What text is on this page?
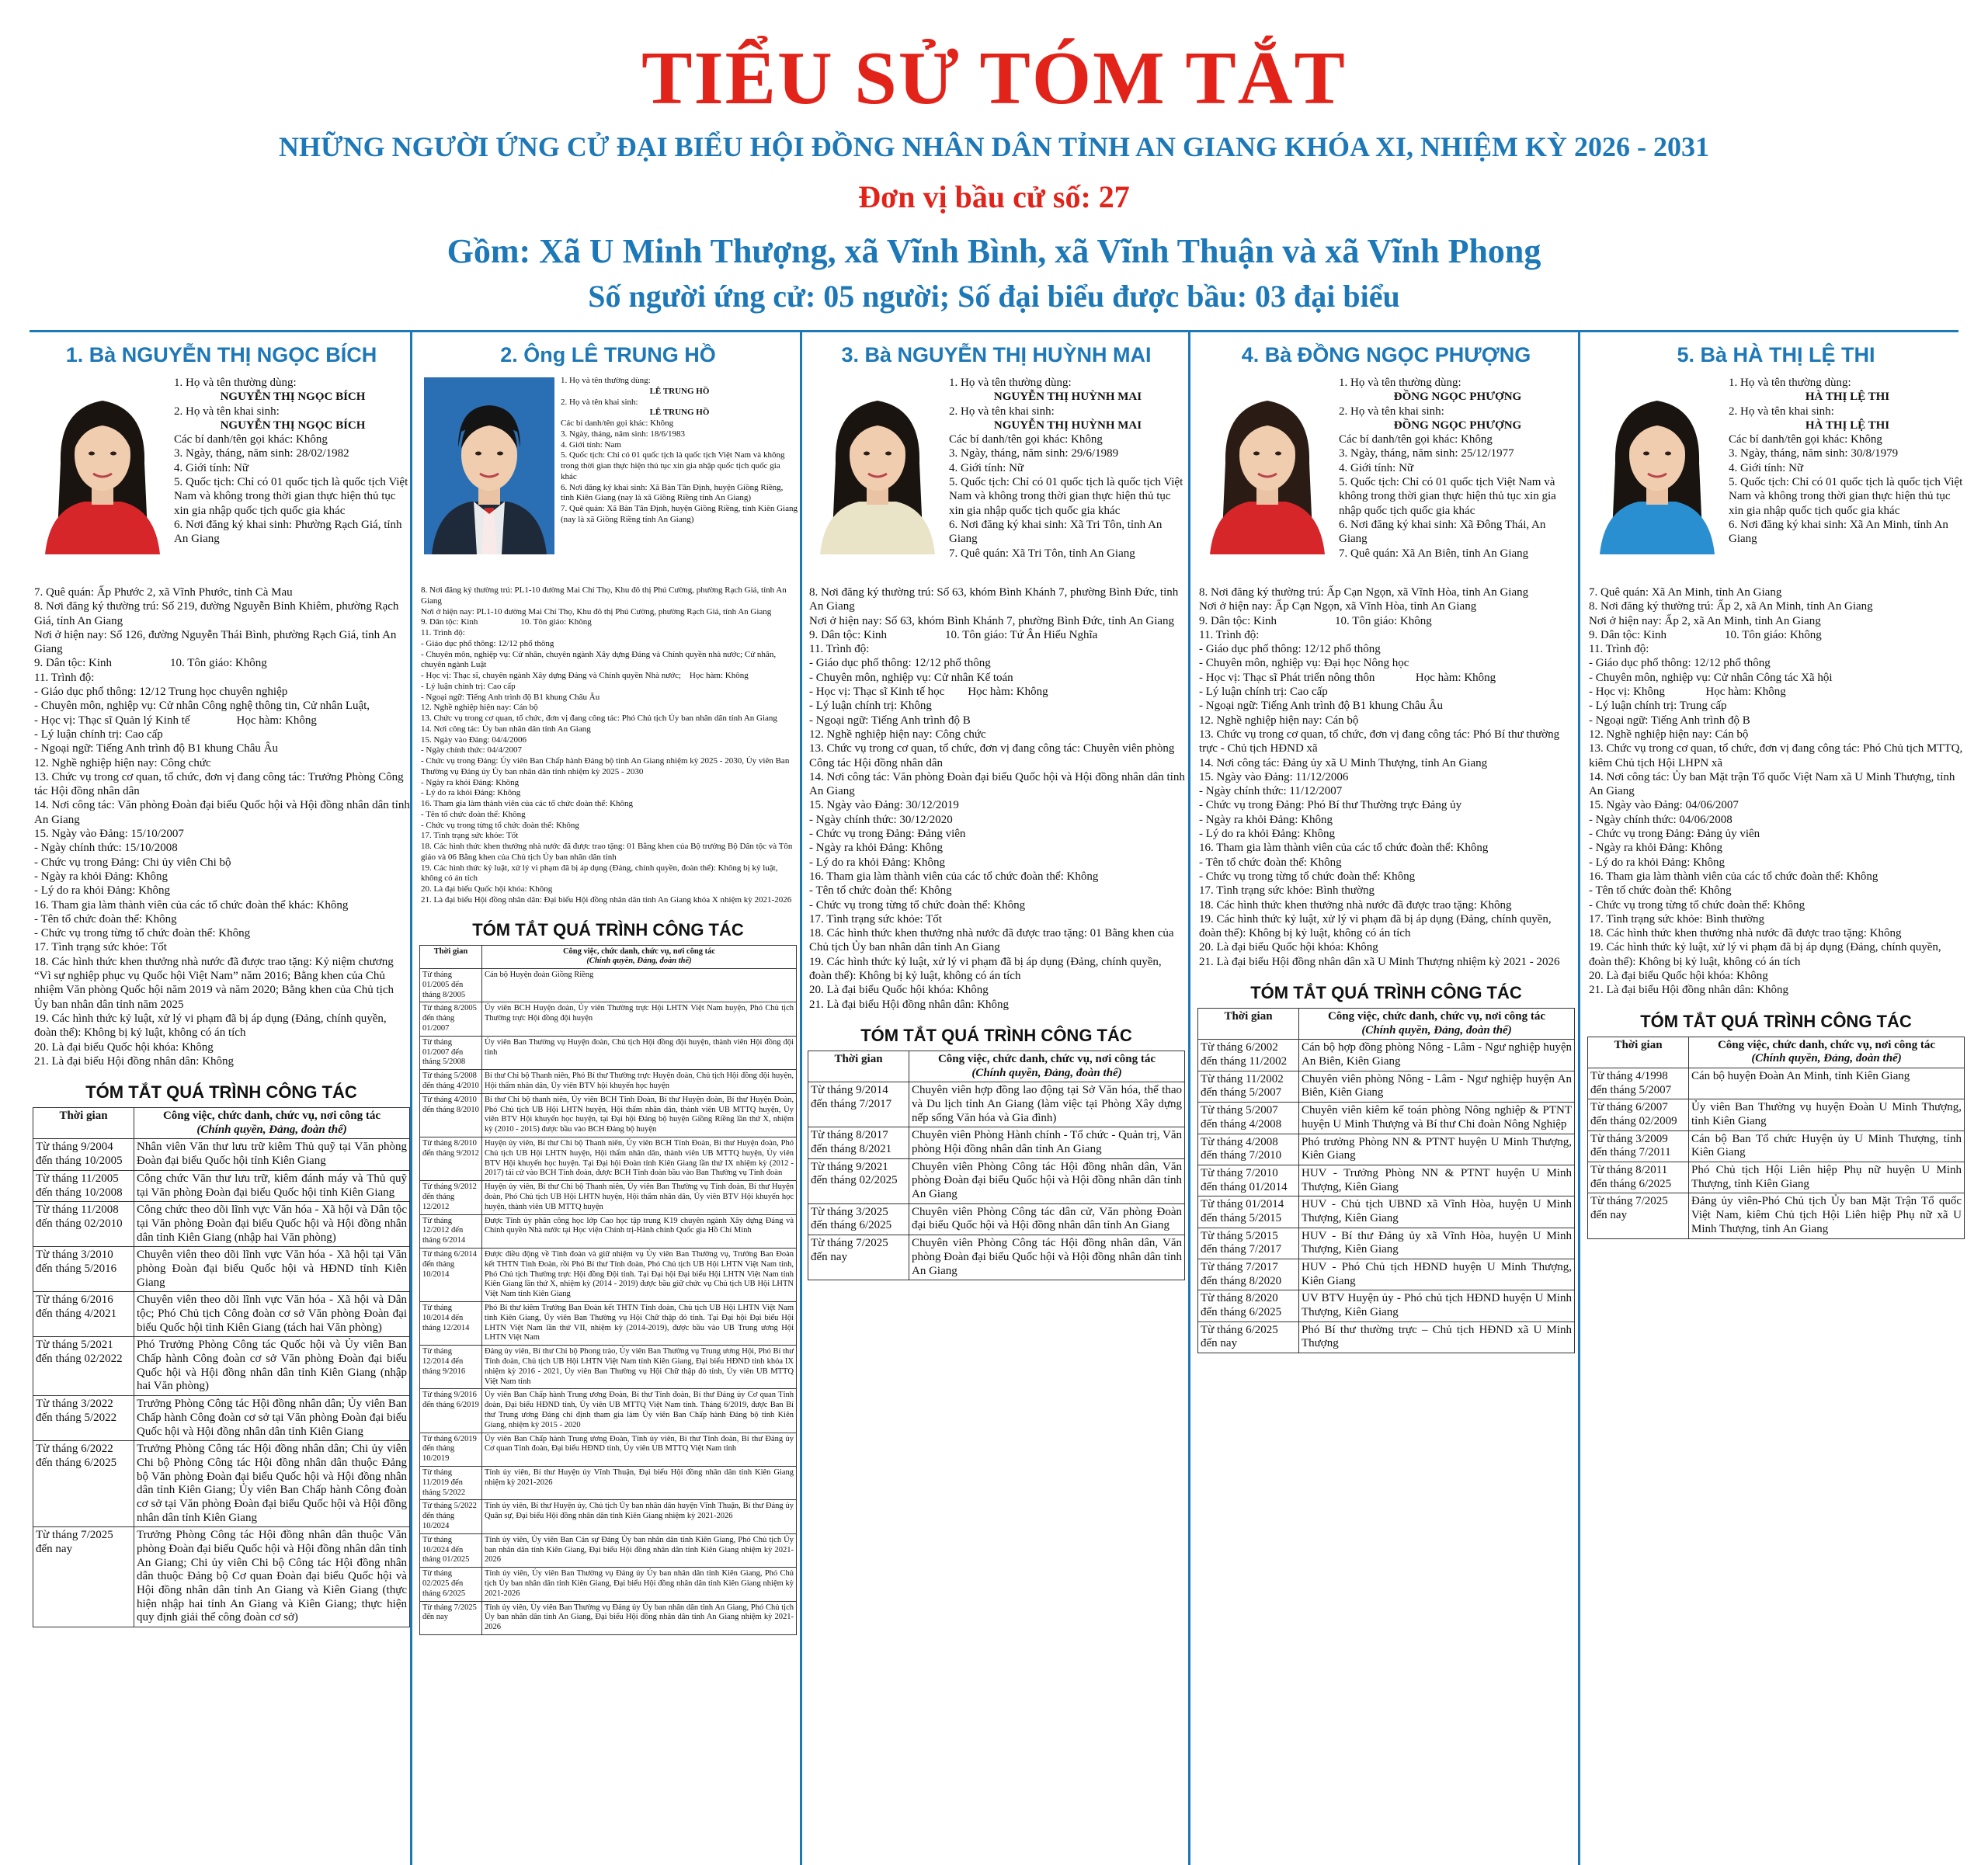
TIỂU SỬ TÓM TẮT
NHỮNG NGƯỜI ỨNG CỬ ĐẠI BIỂU HỘI ĐỒNG NHÂN DÂN TỈNH AN GIANG KHÓA XI, NHIỆM KỲ 2026 - 2031
Đơn vị bầu cử số: 27
Gồm: Xã U Minh Thượng, xã Vĩnh Bình, xã Vĩnh Thuận và xã Vĩnh Phong
Số người ứng cử: 05 người; Số đại biểu được bầu: 03 đại biểu
1. Bà NGUYỄN THỊ NGỌC BÍCH
1. Họ và tên thường dùng:
NGUYỄN THỊ NGỌC BÍCH
2. Họ và tên khai sinh:
NGUYỄN THỊ NGỌC BÍCH
Các bí danh/tên gọi khác: Không
3. Ngày, tháng, năm sinh: 28/02/1982
4. Giới tính: Nữ
5. Quốc tịch: Chỉ có 01 quốc tịch là quốc tịch Việt Nam và không trong thời gian thực hiện thủ tục xin gia nhập quốc tịch quốc gia khác
6. Nơi đăng ký khai sinh: Phường Rạch Giá, tỉnh An Giang
7. Quê quán: Ấp Phước 2, xã Vĩnh Phước, tỉnh Cà Mau
8. Nơi đăng ký thường trú: Số 219, đường Nguyễn Bỉnh Khiêm, phường Rạch Giá, tỉnh An Giang
Nơi ở hiện nay: Số 126, đường Nguyễn Thái Bình, phường Rạch Giá, tỉnh An Giang
9. Dân tộc: Kinh                    10. Tôn giáo: Không
11. Trình độ:
- Giáo dục phổ thông: 12/12 Trung học chuyên nghiệp
- Chuyên môn, nghiệp vụ: Cử nhân Công nghệ thông tin, Cử nhân Luật,
- Học vị: Thạc sĩ Quản lý Kinh tế                Học hàm: Không
- Lý luận chính trị: Cao cấp
- Ngoại ngữ: Tiếng Anh trình độ B1 khung Châu Âu
12. Nghề nghiệp hiện nay: Công chức
13. Chức vụ trong cơ quan, tổ chức, đơn vị đang công tác: Trưởng Phòng Công tác Hội đồng nhân dân
14. Nơi công tác: Văn phòng Đoàn đại biểu Quốc hội và Hội đồng nhân dân tỉnh An Giang
15. Ngày vào Đảng: 15/10/2007
- Ngày chính thức: 15/10/2008
- Chức vụ trong Đảng: Chi ủy viên Chi bộ
- Ngày ra khỏi Đảng: Không
- Lý do ra khỏi Đảng: Không
16. Tham gia làm thành viên của các tổ chức đoàn thể khác: Không
- Tên tổ chức đoàn thể: Không
- Chức vụ trong từng tổ chức đoàn thể: Không
17. Tình trạng sức khỏe: Tốt
18. Các hình thức khen thưởng nhà nước đã được trao tặng: Kỷ niệm chương “Vì sự nghiệp phục vụ Quốc hội Việt Nam” năm 2016; Bằng khen của Chủ nhiệm Văn phòng Quốc hội năm 2019 và năm 2020; Bằng khen của Chủ tịch Ủy ban nhân dân tỉnh năm 2025
19. Các hình thức kỷ luật, xử lý vi phạm đã bị áp dụng (Đảng, chính quyền, đoàn thể): Không bị kỷ luật, không có án tích
20. Là đại biểu Quốc hội khóa: Không
21. Là đại biểu Hội đồng nhân dân: Không
TÓM TẮT QUÁ TRÌNH CÔNG TÁC
Thời gian	Công việc, chức danh, chức vụ, nơi công tác
(Chính quyền, Đảng, đoàn thể)

Từ tháng 9/2004 đến tháng 10/2005	Nhân viên Văn thư lưu trữ kiêm Thủ quỹ tại Văn phòng Đoàn đại biểu Quốc hội tỉnh Kiên Giang
Từ tháng 11/2005 đến tháng 10/2008	Công chức Văn thư lưu trữ, kiêm đánh máy và Thủ quỹ tại Văn phòng Đoàn đại biểu Quốc hội tỉnh Kiên Giang
Từ tháng 11/2008 đến tháng 02/2010	Công chức theo dõi lĩnh vực Văn hóa - Xã hội và Dân tộc tại Văn phòng Đoàn đại biểu Quốc hội và Hội đồng nhân dân tỉnh Kiên Giang (nhập hai Văn phòng)
Từ tháng 3/2010 đến tháng 5/2016	Chuyên viên theo dõi lĩnh vực Văn hóa - Xã hội tại Văn phòng Đoàn đại biểu Quốc hội và HĐND tỉnh Kiên Giang
Từ tháng 6/2016 đến tháng 4/2021	Chuyên viên theo dõi lĩnh vực Văn hóa - Xã hội và Dân tộc; Phó Chủ tịch Công đoàn cơ sở Văn phòng Đoàn đại biểu Quốc hội tỉnh Kiên Giang (tách hai Văn phòng)
Từ tháng 5/2021 đến tháng 02/2022	Phó Trưởng Phòng Công tác Quốc hội và Ủy viên Ban Chấp hành Công đoàn cơ sở Văn phòng Đoàn đại biểu Quốc hội và Hội đồng nhân dân tỉnh Kiên Giang (nhập hai Văn phòng)
Từ tháng 3/2022 đến tháng 5/2022	Trưởng Phòng Công tác Hội đồng nhân dân; Ủy viên Ban Chấp hành Công đoàn cơ sở tại Văn phòng Đoàn đại biểu Quốc hội và Hội đồng nhân dân tỉnh Kiên Giang
Từ tháng 6/2022 đến tháng 6/2025	Trưởng Phòng Công tác Hội đồng nhân dân; Chi ủy viên Chi bộ Phòng Công tác Hội đồng nhân dân thuộc Đảng bộ Văn phòng Đoàn đại biểu Quốc hội và Hội đồng nhân dân tỉnh Kiên Giang; Ủy viên Ban Chấp hành Công đoàn cơ sở tại Văn phòng Đoàn đại biểu Quốc hội và Hội đồng nhân dân tỉnh Kiên Giang
Từ tháng 7/2025 đến nay	Trưởng Phòng Công tác Hội đồng nhân dân thuộc Văn phòng Đoàn đại biểu Quốc hội và Hội đồng nhân dân tỉnh An Giang; Chi ủy viên Chi bộ Công tác Hội đồng nhân dân thuộc Đảng bộ Cơ quan Đoàn đại biểu Quốc hội và Hội đồng nhân dân tỉnh An Giang và Kiên Giang (thực hiện nhập hai tỉnh An Giang và Kiên Giang; thực hiện quy định giải thể công đoàn cơ sở)
2. Ông LÊ TRUNG HỒ
1. Họ và tên thường dùng:
LÊ TRUNG HỒ
2. Họ và tên khai sinh:
LÊ TRUNG HỒ
Các bí danh/tên gọi khác: Không
3. Ngày, tháng, năm sinh: 18/6/1983
4. Giới tính: Nam
5. Quốc tịch: Chỉ có 01 quốc tịch là quốc tịch Việt Nam và không trong thời gian thực hiện thủ tục xin gia nhập quốc tịch quốc gia khác
6. Nơi đăng ký khai sinh: Xã Bàn Tân Định, huyện Giồng Riềng, tỉnh Kiên Giang (nay là xã Giồng Riềng tỉnh An Giang)
7. Quê quán: Xã Bàn Tân Định, huyện Giồng Riềng, tỉnh Kiên Giang (nay là xã Giồng Riềng tỉnh An Giang)
8. Nơi đăng ký thường trú: PL1-10 đường Mai Chí Thọ, Khu đô thị Phú Cường, phường Rạch Giá, tỉnh An Giang
Nơi ở hiện nay: PL1-10 đường Mai Chí Thọ, Khu đô thị Phú Cường, phường Rạch Giá, tỉnh An Giang
9. Dân tộc: Kinh                    10. Tôn giáo: Không
11. Trình độ:
- Giáo dục phổ thông: 12/12 phổ thông
- Chuyên môn, nghiệp vụ: Cử nhân, chuyên ngành Xây dựng Đảng và Chính quyền nhà nước; Cử nhân, chuyên ngành Luật
- Học vị: Thạc sĩ, chuyên ngành Xây dựng Đảng và Chính quyền Nhà nước;    Học hàm: Không
- Lý luận chính trị: Cao cấp
- Ngoại ngữ: Tiếng Anh trình độ B1 khung Châu Âu
12. Nghề nghiệp hiện nay: Cán bộ
13. Chức vụ trong cơ quan, tổ chức, đơn vị đang công tác: Phó Chủ tịch Ủy ban nhân dân tỉnh An Giang
14. Nơi công tác: Ủy ban nhân dân tỉnh An Giang
15. Ngày vào Đảng: 04/4/2006
- Ngày chính thức: 04/4/2007
- Chức vụ trong Đảng: Ủy viên Ban Chấp hành Đảng bộ tỉnh An Giang nhiệm kỳ 2025 - 2030, Ủy viên Ban Thường vụ Đảng ủy Ủy ban nhân dân tỉnh nhiệm kỳ 2025 - 2030
- Ngày ra khỏi Đảng: Không
- Lý do ra khỏi Đảng: Không
16. Tham gia làm thành viên của các tổ chức đoàn thể: Không
- Tên tổ chức đoàn thể: Không
- Chức vụ trong từng tổ chức đoàn thể: Không
17. Tình trạng sức khỏe: Tốt
18. Các hình thức khen thưởng nhà nước đã được trao tặng: 01 Bằng khen của Bộ trưởng Bộ Dân tộc và Tôn giáo và 06 Bằng khen của Chủ tịch Ủy ban nhân dân tỉnh
19. Các hình thức kỷ luật, xử lý vi phạm đã bị áp dụng (Đảng, chính quyền, đoàn thể): Không bị kỷ luật, không có án tích
20. Là đại biểu Quốc hội khóa: Không
21. Là đại biểu Hội đồng nhân dân: Đại biểu Hội đồng nhân dân tỉnh An Giang khóa X nhiệm kỳ 2021-2026
TÓM TẮT QUÁ TRÌNH CÔNG TÁC
Thời gian	Công việc, chức danh, chức vụ, nơi công tác
(Chính quyền, Đảng, đoàn thể)

Từ tháng 01/2005 đến tháng 8/2005	Cán bộ Huyện đoàn Giồng Riềng
Từ tháng 8/2005 đến tháng 01/2007	Ủy viên BCH Huyện đoàn, Ủy viên Thường trực Hội LHTN Việt Nam huyện, Phó Chủ tịch Thường trực Hội đồng đội huyện
Từ tháng 01/2007 đến tháng 5/2008	Ủy viên Ban Thường vụ Huyện đoàn, Chủ tịch Hội đồng đội huyện, thành viên Hội đồng đội tỉnh
Từ tháng 5/2008 đến tháng 4/2010	Bí thư Chi bộ Thanh niên, Phó Bí thư Thường trực Huyện đoàn, Chủ tịch Hội đồng đội huyện, Hội thẩm nhân dân, Ủy viên BTV hội khuyến học huyện
Từ tháng 4/2010 đến tháng 8/2010	Bí thư Chi bộ thanh niên, Ủy viên BCH Tỉnh Đoàn, Bí thư Huyện đoàn, Bí thư Huyện Đoàn, Phó Chủ tịch UB Hội LHTN huyện, Hội thẩm nhân dân, thành viên UB MTTQ huyện, Ủy viên BTV Hội khuyến học huyện, tại Đại hội Đảng bộ huyện Giồng Riềng lần thứ X, nhiệm kỳ (2010 - 2015) được bầu vào BCH Đảng bộ huyện
Từ tháng 8/2010 đến tháng 9/2012	Huyện ủy viên, Bí thư Chi bộ Thanh niên, Ủy viên BCH Tỉnh Đoàn, Bí thư Huyện đoàn, Phó Chủ tịch UB Hội LHTN huyện, Hội thẩm nhân dân, thành viên UB MTTQ huyện, Ủy viên BTV Hội khuyến học huyện. Tại Đại hội Đoàn tỉnh Kiên Giang lần thứ IX nhiệm kỳ (2012 - 2017) tái cử vào BCH Tỉnh đoàn, được BCH Tỉnh đoàn bầu vào Ban Thường vụ Tỉnh đoàn
Từ tháng 9/2012 đến tháng 12/2012	Huyện ủy viên, Bí thư Chi bộ Thanh niên, Ủy viên Ban Thường vụ Tỉnh đoàn, Bí thư Huyện đoàn, Phó Chủ tịch UB Hội LHTN huyện, Hội thẩm nhân dân, Ủy viên BTV Hội khuyến học huyện, thành viên UB MTTQ huyện
Từ tháng 12/2012 đến tháng 6/2014	Được Tỉnh ủy phân công học lớp Cao học tập trung K19 chuyên ngành Xây dựng Đảng và Chính quyền Nhà nước tại Học viện Chính trị-Hành chính Quốc gia Hồ Chí Minh
Từ tháng 6/2014 đến tháng 10/2014	Được điều động về Tỉnh đoàn và giữ nhiệm vụ Ủy viên Ban Thường vụ, Trưởng Ban Đoàn kết THTN Tỉnh Đoàn, rồi Phó Bí thư Tỉnh đoàn, Phó Chủ tịch UB Hội LHTN Việt Nam tỉnh, Phó Chủ tịch Thường trực Hội đồng Đội tỉnh. Tại Đại hội Đại biểu Hội LHTN Việt Nam tỉnh Kiên Giang lần thứ X, nhiệm kỳ (2014 - 2019) được bầu giữ chức vụ Chủ tịch UB Hội LHTN Việt Nam tỉnh Kiên Giang
Từ tháng 10/2014 đến tháng 12/2014	Phó Bí thư kiêm Trưởng Ban Đoàn kết THTN Tỉnh đoàn, Chủ tịch UB Hội LHTN Việt Nam tỉnh Kiên Giang, Ủy viên Ban Thường vụ Hội Chữ thập đỏ tỉnh. Tại Đại hội Đại biểu Hội LHTN Việt Nam lần thứ VII, nhiệm kỳ (2014-2019), được bầu vào UB Trung ương Hội LHTN Việt Nam
Từ tháng 12/2014 đến tháng 9/2016	Đảng ủy viên, Bí thư Chi bộ Phong trào, Ủy viên Ban Thường vụ Trung ương Hội, Phó Bí thư Tỉnh đoàn, Chủ tịch UB Hội LHTN Việt Nam tỉnh Kiên Giang, Đại biểu HĐND tỉnh khóa IX nhiệm kỳ 2016 - 2021, Ủy viên Ban Thường vụ Hội Chữ thập đỏ tỉnh, Ủy viên UB MTTQ Việt Nam tỉnh
Từ tháng 9/2016 đến tháng 6/2019	Ủy viên Ban Chấp hành Trung ương Đoàn, Bí thư Tỉnh đoàn, Bí thư Đảng ủy Cơ quan Tỉnh đoàn, Đại biểu HĐND tỉnh, Ủy viên UB MTTQ Việt Nam tỉnh. Tháng 6/2019, được Ban Bí thư Trung ương Đảng chỉ định tham gia làm Ủy viên Ban Chấp hành Đảng bộ tỉnh Kiên Giang, nhiệm kỳ 2015 - 2020
Từ tháng 6/2019 đến tháng 10/2019	Ủy viên Ban Chấp hành Trung ương Đoàn, Tỉnh ủy viên, Bí thư Tỉnh đoàn, Bí thư Đảng ủy Cơ quan Tỉnh đoàn, Đại biểu HĐND tỉnh, Ủy viên UB MTTQ Việt Nam tỉnh
Từ tháng 11/2019 đến tháng 5/2022	Tỉnh ủy viên, Bí thư Huyện ủy Vĩnh Thuận, Đại biểu Hội đồng nhân dân tỉnh Kiên Giang nhiệm kỳ 2021-2026
Từ tháng 5/2022 đến tháng 10/2024	Tỉnh ủy viên, Bí thư Huyện ủy, Chủ tịch Ủy ban nhân dân huyện Vĩnh Thuận, Bí thư Đảng ủy Quân sự, Đại biểu Hội đồng nhân dân tỉnh Kiên Giang nhiệm kỳ 2021-2026
Từ tháng 10/2024 đến tháng 01/2025	Tỉnh ủy viên, Ủy viên Ban Cán sự Đảng Ủy ban nhân dân tỉnh Kiên Giang, Phó Chủ tịch Ủy ban nhân dân tỉnh Kiên Giang, Đại biểu Hội đồng nhân dân tỉnh Kiên Giang nhiệm kỳ 2021-2026
Từ tháng 02/2025 đến tháng 6/2025	Tỉnh ủy viên, Ủy viên Ban Thường vụ Đảng ủy Ủy ban nhân dân tỉnh Kiên Giang, Phó Chủ tịch Ủy ban nhân dân tỉnh Kiên Giang, Đại biểu Hội đồng nhân dân tỉnh Kiên Giang nhiệm kỳ 2021-2026
Từ tháng 7/2025 đến nay	Tỉnh ủy viên, Ủy viên Ban Thường vụ Đảng ủy Ủy ban nhân dân tỉnh An Giang, Phó Chủ tịch Ủy ban nhân dân tỉnh An Giang, Đại biểu Hội đồng nhân dân tỉnh An Giang nhiệm kỳ 2021-2026
3. Bà NGUYỄN THỊ HUỲNH MAI
1. Họ và tên thường dùng:
NGUYỄN THỊ HUỲNH MAI
2. Họ và tên khai sinh:
NGUYỄN THỊ HUỲNH MAI
Các bí danh/tên gọi khác: Không
3. Ngày, tháng, năm sinh: 29/6/1989
4. Giới tính: Nữ
5. Quốc tịch: Chỉ có 01 quốc tịch là quốc tịch Việt Nam và không trong thời gian thực hiện thủ tục xin gia nhập quốc tịch quốc gia khác
6. Nơi đăng ký khai sinh: Xã Tri Tôn, tỉnh An Giang
7. Quê quán: Xã Tri Tôn, tỉnh An Giang
8. Nơi đăng ký thường trú: Số 63, khóm Bình Khánh 7, phường Bình Đức, tỉnh An Giang
Nơi ở hiện nay: Số 63, khóm Bình Khánh 7, phường Bình Đức, tỉnh An Giang
9. Dân tộc: Kinh                    10. Tôn giáo: Tứ Ân Hiếu Nghĩa
11. Trình độ:
- Giáo dục phổ thông: 12/12 phổ thông
- Chuyên môn, nghiệp vụ: Cử nhân Kế toán
- Học vị: Thạc sĩ Kinh tế học        Học hàm: Không
- Lý luận chính trị: Không
- Ngoại ngữ: Tiếng Anh trình độ B
12. Nghề nghiệp hiện nay: Công chức
13. Chức vụ trong cơ quan, tổ chức, đơn vị đang công tác: Chuyên viên phòng Công tác Hội đồng nhân dân
14. Nơi công tác: Văn phòng Đoàn đại biểu Quốc hội và Hội đồng nhân dân tỉnh An Giang
15. Ngày vào Đảng: 30/12/2019
- Ngày chính thức: 30/12/2020
- Chức vụ trong Đảng: Đảng viên
- Ngày ra khỏi Đảng: Không
- Lý do ra khỏi Đảng: Không
16. Tham gia làm thành viên của các tổ chức đoàn thể: Không
- Tên tổ chức đoàn thể: Không
- Chức vụ trong từng tổ chức đoàn thể: Không
17. Tình trạng sức khỏe: Tốt
18. Các hình thức khen thưởng nhà nước đã được trao tặng: 01 Bằng khen của Chủ tịch Ủy ban nhân dân tỉnh An Giang
19. Các hình thức kỷ luật, xử lý vi phạm đã bị áp dụng (Đảng, chính quyền, đoàn thể): Không bị kỷ luật, không có án tích
20. Là đại biểu Quốc hội khóa: Không
21. Là đại biểu Hội đồng nhân dân: Không
TÓM TẮT QUÁ TRÌNH CÔNG TÁC
Thời gian	Công việc, chức danh, chức vụ, nơi công tác
(Chính quyền, Đảng, đoàn thể)

Từ tháng 9/2014 đến tháng 7/2017	Chuyên viên hợp đồng lao động tại Sở Văn hóa, thể thao và Du lịch tỉnh An Giang (làm việc tại Phòng Xây dựng nếp sống Văn hóa và Gia đình)
Từ tháng 8/2017 đến tháng 8/2021	Chuyên viên Phòng Hành chính - Tổ chức - Quản trị, Văn phòng Hội đồng nhân dân tỉnh An Giang
Từ tháng 9/2021 đến tháng 02/2025	Chuyên viên Phòng Công tác Hội đồng nhân dân, Văn phòng Đoàn đại biểu Quốc hội và Hội đồng nhân dân tỉnh An Giang
Từ tháng 3/2025 đến tháng 6/2025	Chuyên viên Phòng Công tác dân cử, Văn phòng Đoàn đại biểu Quốc hội và Hội đồng nhân dân tỉnh An Giang
Từ tháng 7/2025 đến nay	Chuyên viên Phòng Công tác Hội đồng nhân dân, Văn phòng Đoàn đại biểu Quốc hội và Hội đồng nhân dân tỉnh An Giang
4. Bà ĐỒNG NGỌC PHƯỢNG
1. Họ và tên thường dùng:
ĐỒNG NGỌC PHƯỢNG
2. Họ và tên khai sinh:
ĐỒNG NGỌC PHƯỢNG
Các bí danh/tên gọi khác: Không
3. Ngày, tháng, năm sinh: 25/12/1977
4. Giới tính: Nữ
5. Quốc tịch: Chỉ có 01 quốc tịch Việt Nam và không trong thời gian thực hiện thủ tục xin gia nhập quốc tịch quốc gia khác
6. Nơi đăng ký khai sinh: Xã Đông Thái, An Giang
7. Quê quán: Xã An Biên, tỉnh An Giang
8. Nơi đăng ký thường trú: Ấp Cạn Ngọn, xã Vĩnh Hòa, tỉnh An Giang
Nơi ở hiện nay: Ấp Cạn Ngọn, xã Vĩnh Hòa, tỉnh An Giang
9. Dân tộc: Kinh                    10. Tôn giáo: Không
11. Trình độ:
- Giáo dục phổ thông: 12/12 phổ thông
- Chuyên môn, nghiệp vụ: Đại học Nông học
- Học vị: Thạc sĩ Phát triển nông thôn              Học hàm: Không
- Lý luận chính trị: Cao cấp
- Ngoại ngữ: Tiếng Anh trình độ B1 khung Châu Âu
12. Nghề nghiệp hiện nay: Cán bộ
13. Chức vụ trong cơ quan, tổ chức, đơn vị đang công tác: Phó Bí thư thường trực - Chủ tịch HĐND xã
14. Nơi công tác: Đảng ủy xã U Minh Thượng, tỉnh An Giang
15. Ngày vào Đảng: 11/12/2006
- Ngày chính thức: 11/12/2007
- Chức vụ trong Đảng: Phó Bí thư Thường trực Đảng ủy
- Ngày ra khỏi Đảng: Không
- Lý do ra khỏi Đảng: Không
16. Tham gia làm thành viên của các tổ chức đoàn thể: Không
- Tên tổ chức đoàn thể: Không
- Chức vụ trong từng tổ chức đoàn thể: Không
17. Tình trạng sức khỏe: Bình thường
18. Các hình thức khen thưởng nhà nước đã được trao tặng: Không
19. Các hình thức kỷ luật, xử lý vi phạm đã bị áp dụng (Đảng, chính quyền, đoàn thể): Không bị kỷ luật, không có án tích
20. Là đại biểu Quốc hội khóa: Không
21. Là đại biểu Hội đồng nhân dân xã U Minh Thượng nhiệm kỳ 2021 - 2026
TÓM TẮT QUÁ TRÌNH CÔNG TÁC
Thời gian	Công việc, chức danh, chức vụ, nơi công tác
(Chính quyền, Đảng, đoàn thể)

Từ tháng 6/2002 đến tháng 11/2002	Cán bộ hợp đồng phòng Nông - Lâm - Ngư nghiệp huyện An Biên, Kiên Giang
Từ tháng 11/2002 đến tháng 5/2007	Chuyên viên phòng Nông - Lâm - Ngư nghiệp huyện An Biên, Kiên Giang
Từ tháng 5/2007 đến tháng 4/2008	Chuyên viên kiêm kế toán phòng Nông nghiệp & PTNT huyện U Minh Thượng và Bí thư Chi đoàn Nông Nghiệp
Từ tháng 4/2008 đến tháng 7/2010	Phó trưởng Phòng NN & PTNT huyện U Minh Thượng, Kiên Giang
Từ tháng 7/2010 đến tháng 01/2014	HUV - Trưởng Phòng NN & PTNT huyện U Minh Thượng, Kiên Giang
Từ tháng 01/2014 đến tháng 5/2015	HUV - Chủ tịch UBND xã Vĩnh Hòa, huyện U Minh Thượng, Kiên Giang
Từ tháng 5/2015 đến tháng 7/2017	HUV - Bí thư Đảng ủy xã Vĩnh Hòa, huyện U Minh Thượng, Kiên Giang
Từ tháng 7/2017 đến tháng 8/2020	HUV - Phó Chủ tịch HĐND huyện U Minh Thượng, Kiên Giang
Từ tháng 8/2020 đến tháng 6/2025	UV BTV Huyện ủy - Phó chủ tịch HĐND huyện U Minh Thượng, Kiên Giang
Từ tháng 6/2025 đến nay	Phó Bí thư thường trực – Chủ tịch HĐND xã U Minh Thượng
5. Bà HÀ THỊ LỆ THI
1. Họ và tên thường dùng:
HÀ THỊ LỆ THI
2. Họ và tên khai sinh:
HÀ THỊ LỆ THI
Các bí danh/tên gọi khác: Không
3. Ngày, tháng, năm sinh: 30/8/1979
4. Giới tính: Nữ
5. Quốc tịch: Chỉ có 01 quốc tịch là quốc tịch Việt Nam và không trong thời gian thực hiện thủ tục xin gia nhập quốc tịch quốc gia khác
6. Nơi đăng ký khai sinh: Xã An Minh, tỉnh An Giang
7. Quê quán: Xã An Minh, tỉnh An Giang
8. Nơi đăng ký thường trú: Ấp 2, xã An Minh, tỉnh An Giang
Nơi ở hiện nay: Ấp 2, xã An Minh, tỉnh An Giang
9. Dân tộc: Kinh                    10. Tôn giáo: Không
11. Trình độ:
- Giáo dục phổ thông: 12/12 phổ thông
- Chuyên môn, nghiệp vụ: Cử nhân Công tác Xã hội
- Học vị: Không              Học hàm: Không
- Lý luận chính trị: Trung cấp
- Ngoại ngữ: Tiếng Anh trình độ B
12. Nghề nghiệp hiện nay: Cán bộ
13. Chức vụ trong cơ quan, tổ chức, đơn vị đang công tác: Phó Chủ tịch MTTQ, kiêm Chủ tịch Hội LHPN xã
14. Nơi công tác: Ủy ban Mặt trận Tổ quốc Việt Nam xã U Minh Thượng, tỉnh An Giang
15. Ngày vào Đảng: 04/06/2007
- Ngày chính thức: 04/06/2008
- Chức vụ trong Đảng: Đảng ủy viên
- Ngày ra khỏi Đảng: Không
- Lý do ra khỏi Đảng: Không
16. Tham gia làm thành viên của các tổ chức đoàn thể: Không
- Tên tổ chức đoàn thể: Không
- Chức vụ trong từng tổ chức đoàn thể: Không
17. Tình trạng sức khỏe: Bình thường
18. Các hình thức khen thưởng nhà nước đã được trao tặng: Không
19. Các hình thức kỷ luật, xử lý vi phạm đã bị áp dụng (Đảng, chính quyền, đoàn thể): Không bị kỷ luật, không có án tích
20. Là đại biểu Quốc hội khóa: Không
21. Là đại biểu Hội đồng nhân dân: Không
TÓM TẮT QUÁ TRÌNH CÔNG TÁC
Thời gian	Công việc, chức danh, chức vụ, nơi công tác
(Chính quyền, Đảng, đoàn thể)

Từ tháng 4/1998 đến tháng 5/2007	Cán bộ huyện Đoàn An Minh, tỉnh Kiên Giang
Từ tháng 6/2007 đến tháng 02/2009	Ủy viên Ban Thường vụ huyện Đoàn U Minh Thượng, tỉnh Kiên Giang
Từ tháng 3/2009 đến tháng 7/2011	Cán bộ Ban Tổ chức Huyện ủy U Minh Thượng, tỉnh Kiên Giang
Từ tháng 8/2011 đến tháng 6/2025	Phó Chủ tịch Hội Liên hiệp Phụ nữ huyện U Minh Thượng, tỉnh Kiên Giang
Từ tháng 7/2025 đến nay	Đảng ủy viên-Phó Chủ tịch Ủy ban Mặt Trận Tổ quốc Việt Nam, kiêm Chủ tịch Hội Liên hiệp Phụ nữ xã U Minh Thượng, tỉnh An Giang
